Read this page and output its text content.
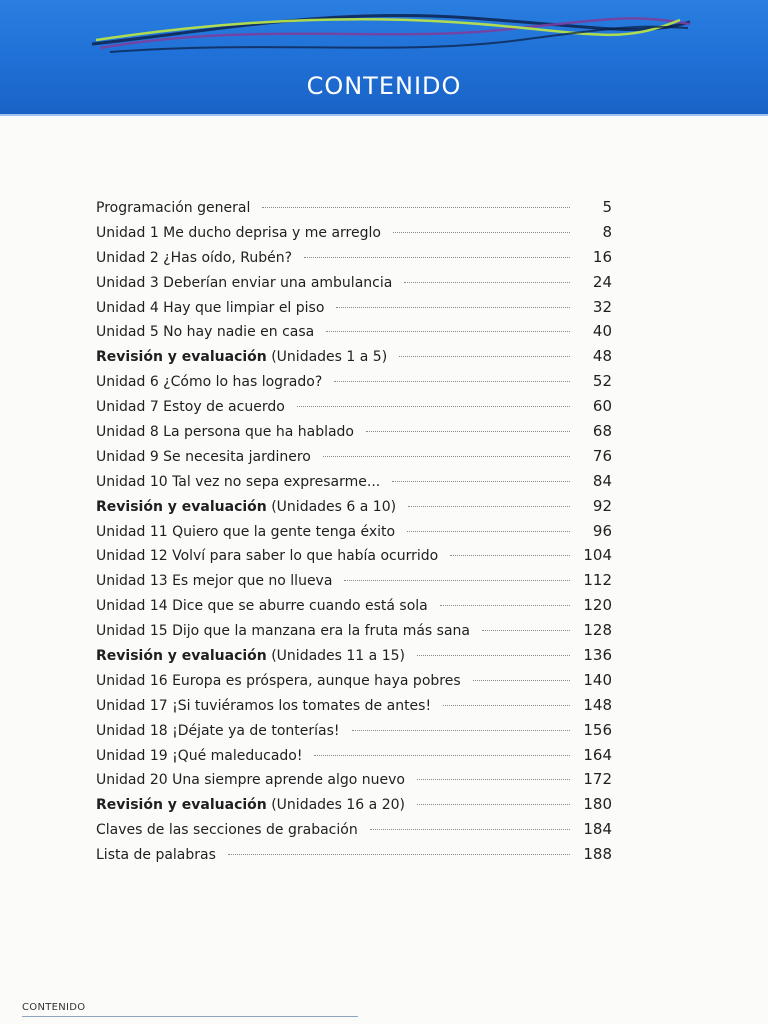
CONTENIDO
Programación general	5
Unidad 1 Me ducho deprisa y me arreglo	8
Unidad 2 ¿Has oído, Rubén?	16
Unidad 3 Deberían enviar una ambulancia	24
Unidad 4 Hay que limpiar el piso	32
Unidad 5 No hay nadie en casa	40
Revisión y evaluación (Unidades 1 a 5)	48
Unidad 6 ¿Cómo lo has logrado?	52
Unidad 7 Estoy de acuerdo	60
Unidad 8 La persona que ha hablado	68
Unidad 9 Se necesita jardinero	76
Unidad 10 Tal vez no sepa expresarme...	84
Revisión y evaluación (Unidades 6 a 10)	92
Unidad 11 Quiero que la gente tenga éxito	96
Unidad 12 Volví para saber lo que había ocurrido	104
Unidad 13 Es mejor que no llueva	112
Unidad 14 Dice que se aburre cuando está sola	120
Unidad 15 Dijo que la manzana era la fruta más sana	128
Revisión y evaluación (Unidades 11 a 15)	136
Unidad 16 Europa es próspera, aunque haya pobres	140
Unidad 17 ¡Si tuviéramos los tomates de antes!	148
Unidad 18 ¡Déjate ya de tonterías!	156
Unidad 19 ¡Qué maleducado!	164
Unidad 20 Una siempre aprende algo nuevo	172
Revisión y evaluación (Unidades 16 a 20)	180
Claves de las secciones de grabación	184
Lista de palabras	188
CONTENIDO
